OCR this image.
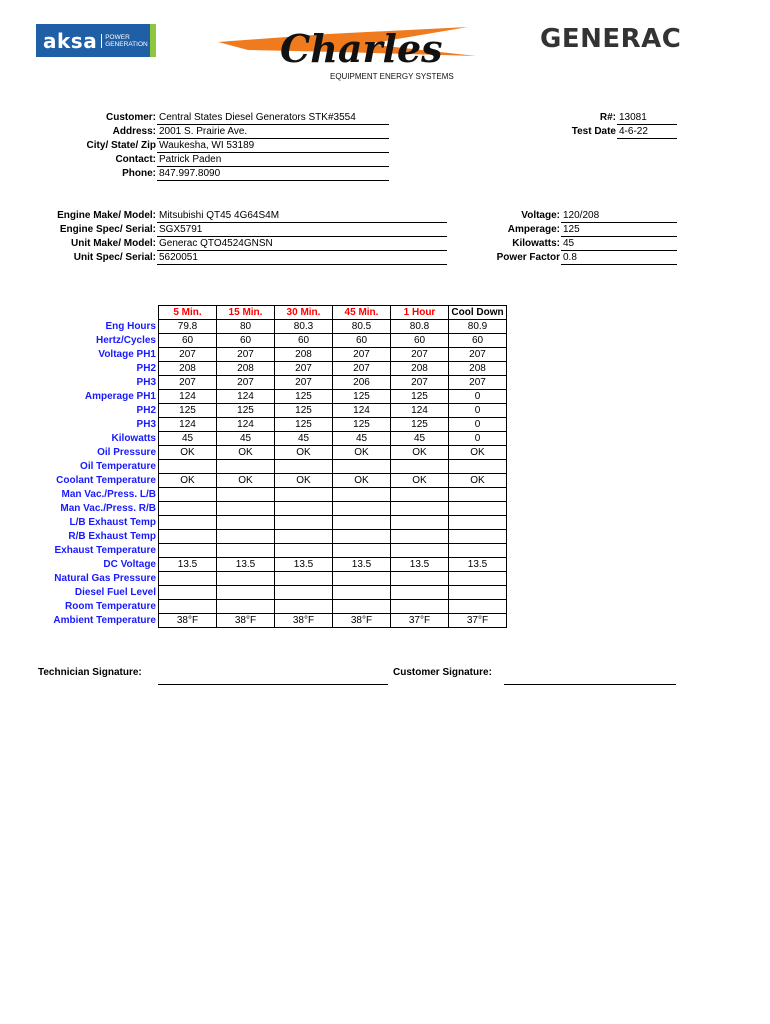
aksa POWER
GENERATION	Charles
EQUIPMENT ENERGY SYSTEMS
GENERAC
Customer: Central States Diesel Generators STK#3554
Address: 2001 S. Prairie Ave.
City/ State/ Zip Waukesha, WI 53189
Contact: Patrick Paden
Phone: 847.997.8090
R#: 13081
Test Date 4-6-22
Engine Make/ Model: Mitsubishi QT45 4G64S4M
Engine Spec/ Serial: SGX5791
Unit Make/ Model: Generac QTO4524GNSN
Unit Spec/ Serial: 5620051
Voltage: 120/208
Amperage: 125
Kilowatts: 45
Power Factor 0.8
	5 Min.	15 Min.	30 Min.	45 Min.	1 Hour	Cool Down
Eng Hours	79.8	80	80.3	80.5	80.8	80.9
Hertz/Cycles	60	60	60	60	60	60
Voltage PH1	207	207	208	207	207	207
PH2	208	208	207	207	208	208
PH3	207	207	207	206	207	207
Amperage PH1	124	124	125	125	125	0
PH2	125	125	125	124	124	0
PH3	124	124	125	125	125	0
Kilowatts	45	45	45	45	45	0
Oil Pressure	OK	OK	OK	OK	OK	OK
Oil Temperature						
Coolant Temperature	OK	OK	OK	OK	OK	OK
Man Vac./Press. L/B						
Man Vac./Press. R/B						
L/B Exhaust Temp						
R/B Exhaust Temp						
Exhaust Temperature						
DC Voltage	13.5	13.5	13.5	13.5	13.5	13.5
Natural Gas Pressure						
Diesel Fuel Level						
Room Temperature						
Ambient Temperature	38°F	38°F	38°F	38°F	37°F	37°F
Technician Signature:	Customer Signature:
